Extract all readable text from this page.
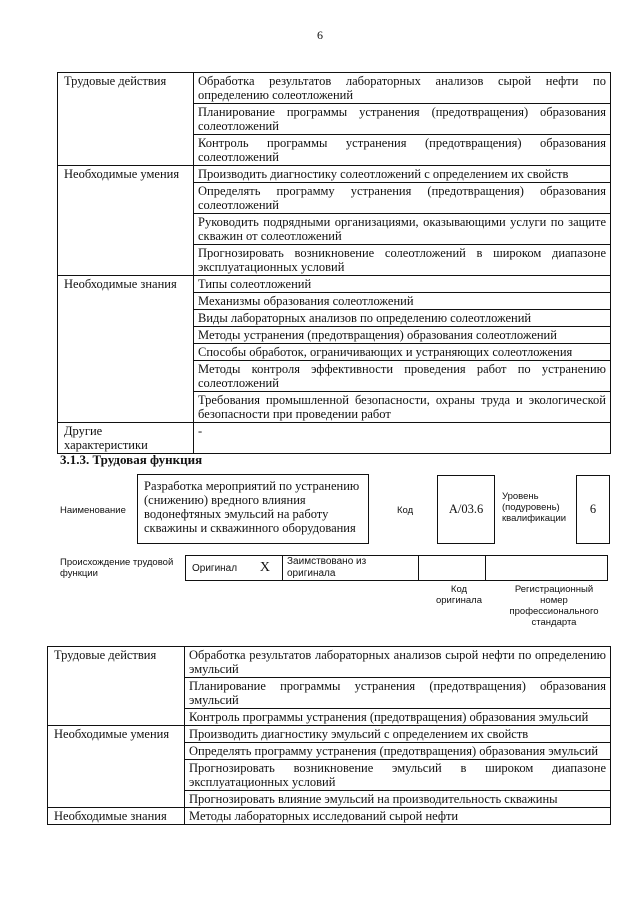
6
Трудовые действия	Обработка результатов лабораторных анализов сырой нефти по определению солеотложений
	Планирование программы устранения (предотвращения) образования солеотложений
	Контроль программы устранения (предотвращения) образования солеотложений
Необходимые умения	Производить диагностику солеотложений с определением их свойств
	Определять программу устранения (предотвращения) образования солеотложений
	Руководить подрядными организациями, оказывающими услуги по защите скважин от солеотложений
	Прогнозировать возникновение солеотложений в широком диапазоне эксплуатационных условий
Необходимые знания	Типы солеотложений
	Механизмы образования солеотложений
	Виды лабораторных анализов по определению солеотложений
	Методы устранения (предотвращения) образования солеотложений
	Способы обработок, ограничивающих и устраняющих солеотложения
	Методы контроля эффективности проведения работ по устранению солеотложений
	Требования промышленной безопасности, охраны труда и экологической безопасности при проведении работ
Другие характеристики	-
3.1.3. Трудовая функция
Наименование
Разработка мероприятий по устранению (снижению) вредного влияния водонефтяных эмульсий на работу скважины и скважинного оборудования
Код	A/03.6
Уровень (подуровень) квалификации
6
Происхождение трудовой функции	Оригинал X	Заимствовано из оригинала
Код оригинала
Регистрационный номер профессионального стандарта
Трудовые действия	Обработка результатов лабораторных анализов сырой нефти по определению эмульсий
	Планирование программы устранения (предотвращения) образования эмульсий
	Контроль программы устранения (предотвращения) образования эмульсий
Необходимые умения	Производить диагностику эмульсий с определением их свойств
	Определять программу устранения (предотвращения) образования эмульсий
	Прогнозировать возникновение эмульсий в широком диапазоне эксплуатационных условий
	Прогнозировать влияние эмульсий на производительность скважины
Необходимые знания	Методы лабораторных исследований сырой нефти
